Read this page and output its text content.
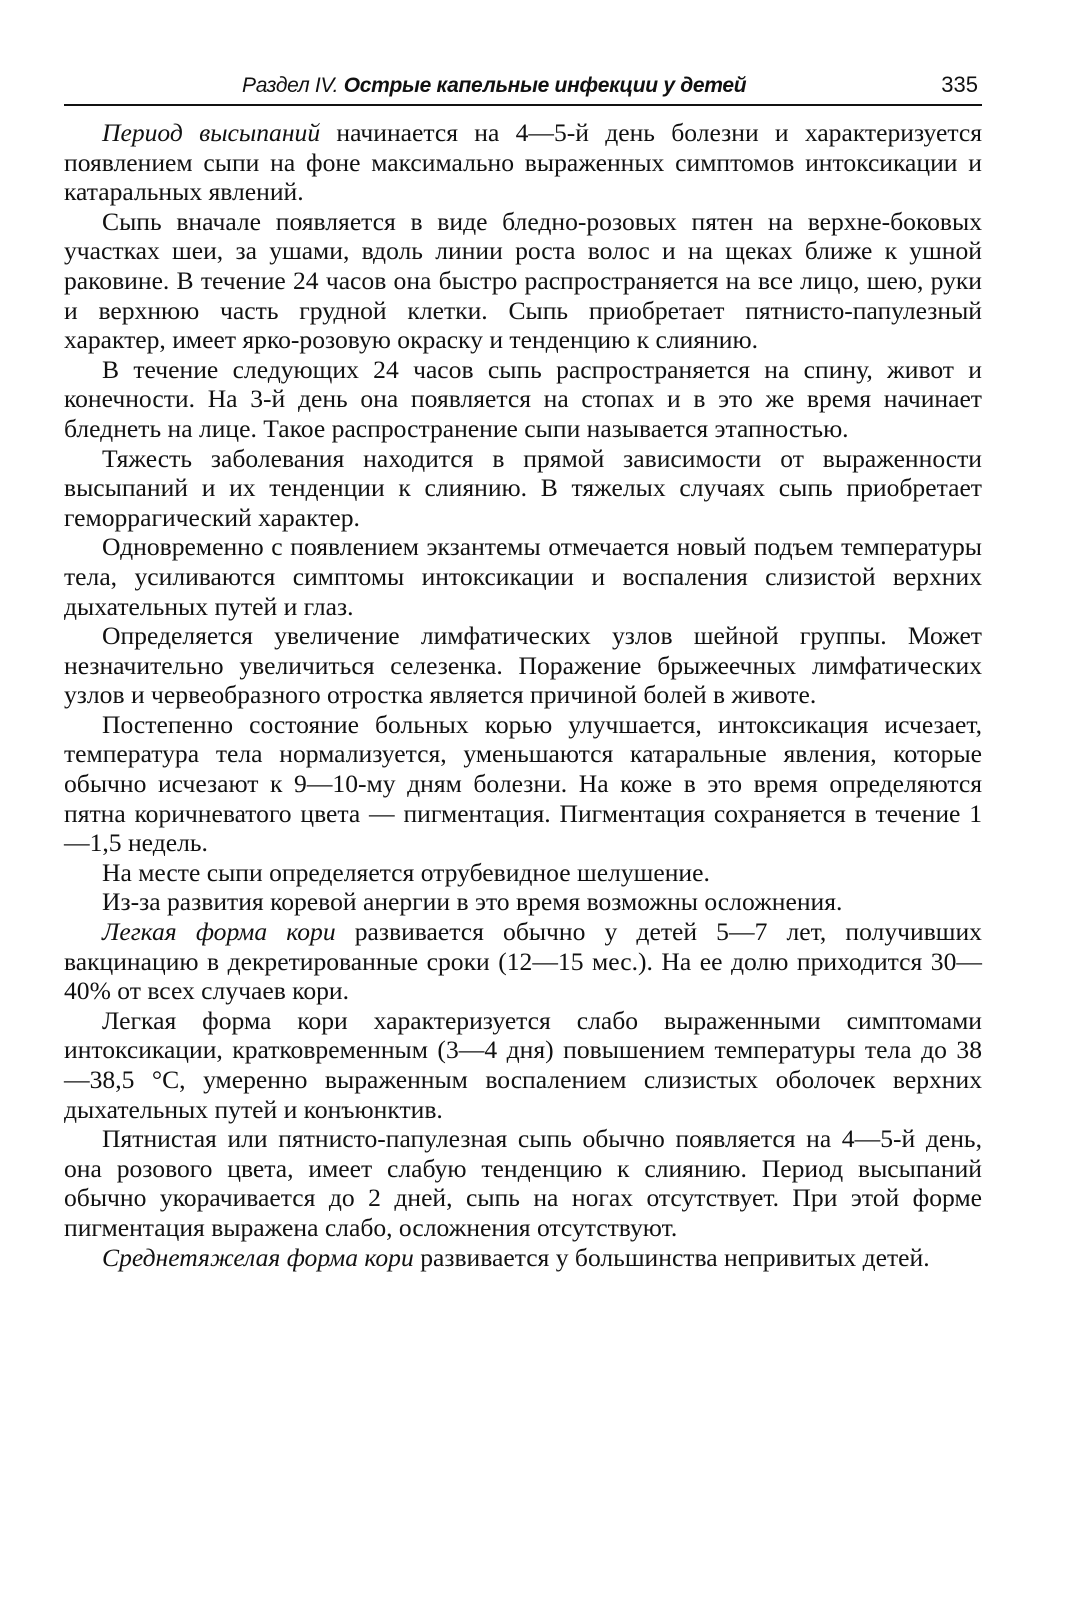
Раздел IV. Острые капельные инфекции у детей	335

Период высыпаний начинается на 4—5-й день болезни и характеризуется появлением сыпи на фоне максимально выраженных симптомов интоксикации и катаральных явлений.

Сыпь вначале появляется в виде бледно-розовых пятен на верхне-боковых участках шеи, за ушами, вдоль линии роста волос и на щеках ближе к ушной раковине. В течение 24 часов она быстро распространяется на все лицо, шею, руки и верхнюю часть грудной клетки. Сыпь приобретает пятнисто-папулезный характер, имеет ярко-розовую окраску и тенденцию к слиянию.

В течение следующих 24 часов сыпь распространяется на спину, живот и конечности. На 3-й день она появляется на стопах и в это же время начинает бледнеть на лице. Такое распространение сыпи называется этапностью.

Тяжесть заболевания находится в прямой зависимости от выраженности высыпаний и их тенденции к слиянию. В тяжелых случаях сыпь приобретает геморрагический характер.

Одновременно с появлением экзантемы отмечается новый подъем температуры тела, усиливаются симптомы интоксикации и воспаления слизистой верхних дыхательных путей и глаз.

Определяется увеличение лимфатических узлов шейной группы. Может незначительно увеличиться селезенка. Поражение брыжеечных лимфатических узлов и червеобразного отростка является причиной болей в животе.

Постепенно состояние больных корью улучшается, интоксикация исчезает, температура тела нормализуется, уменьшаются катаральные явления, которые обычно исчезают к 9—10-му дням болезни. На коже в это время определяются пятна коричневатого цвета — пигментация. Пигментация сохраняется в течение 1—1,5 недель.

На месте сыпи определяется отрубевидное шелушение.

Из-за развития коревой анергии в это время возможны осложнения.

Легкая форма кори развивается обычно у детей 5—7 лет, получивших вакцинацию в декретированные сроки (12—15 мес.). На ее долю приходится 30—40% от всех случаев кори.

Легкая форма кори характеризуется слабо выраженными симптомами интоксикации, кратковременным (3—4 дня) повышением температуры тела до 38—38,5 °С, умеренно выраженным воспалением слизистых оболочек верхних дыхательных путей и конъюнктив.

Пятнистая или пятнисто-папулезная сыпь обычно появляется на 4—5-й день, она розового цвета, имеет слабую тенденцию к слиянию. Период высыпаний обычно укорачивается до 2 дней, сыпь на ногах отсутствует. При этой форме пигментация выражена слабо, осложнения отсутствуют.

Среднетяжелая форма кори развивается у большинства непривитых детей.
